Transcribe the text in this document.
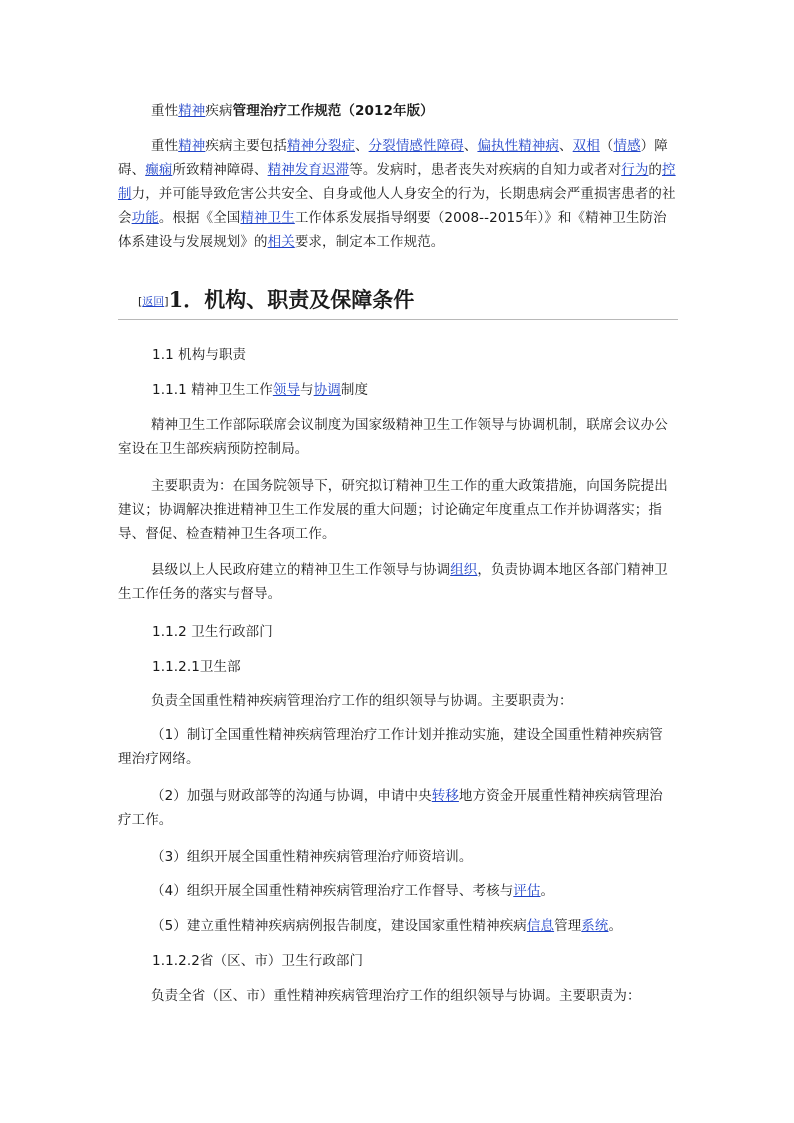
重性精神疾病管理治疗工作规范（2012年版）

重性精神疾病主要包括精神分裂症、分裂情感性障碍、偏执性精神病、双相（情感）障碍、癫痫所致精神障碍、精神发育迟滞等。发病时，患者丧失对疾病的自知力或者对行为的控制力，并可能导致危害公共安全、自身或他人人身安全的行为，长期患病会严重损害患者的社会功能。根据《全国精神卫生工作体系发展指导纲要（2008--2015年）》和《精神卫生防治体系建设与发展规划》的相关要求，制定本工作规范。

[返回]1．机构、职责及保障条件

1.1 机构与职责

1.1.1 精神卫生工作领导与协调制度

精神卫生工作部际联席会议制度为国家级精神卫生工作领导与协调机制，联席会议办公室设在卫生部疾病预防控制局。

主要职责为：在国务院领导下，研究拟订精神卫生工作的重大政策措施，向国务院提出建议；协调解决推进精神卫生工作发展的重大问题；讨论确定年度重点工作并协调落实；指导、督促、检查精神卫生各项工作。

县级以上人民政府建立的精神卫生工作领导与协调组织，负责协调本地区各部门精神卫生工作任务的落实与督导。

1.1.2 卫生行政部门

1.1.2.1卫生部

负责全国重性精神疾病管理治疗工作的组织领导与协调。主要职责为：

（1）制订全国重性精神疾病管理治疗工作计划并推动实施，建设全国重性精神疾病管理治疗网络。

（2）加强与财政部等的沟通与协调，申请中央转移地方资金开展重性精神疾病管理治疗工作。

（3）组织开展全国重性精神疾病管理治疗师资培训。

（4）组织开展全国重性精神疾病管理治疗工作督导、考核与评估。

（5）建立重性精神疾病病例报告制度，建设国家重性精神疾病信息管理系统。

1.1.2.2省（区、市）卫生行政部门

负责全省（区、市）重性精神疾病管理治疗工作的组织领导与协调。主要职责为：
